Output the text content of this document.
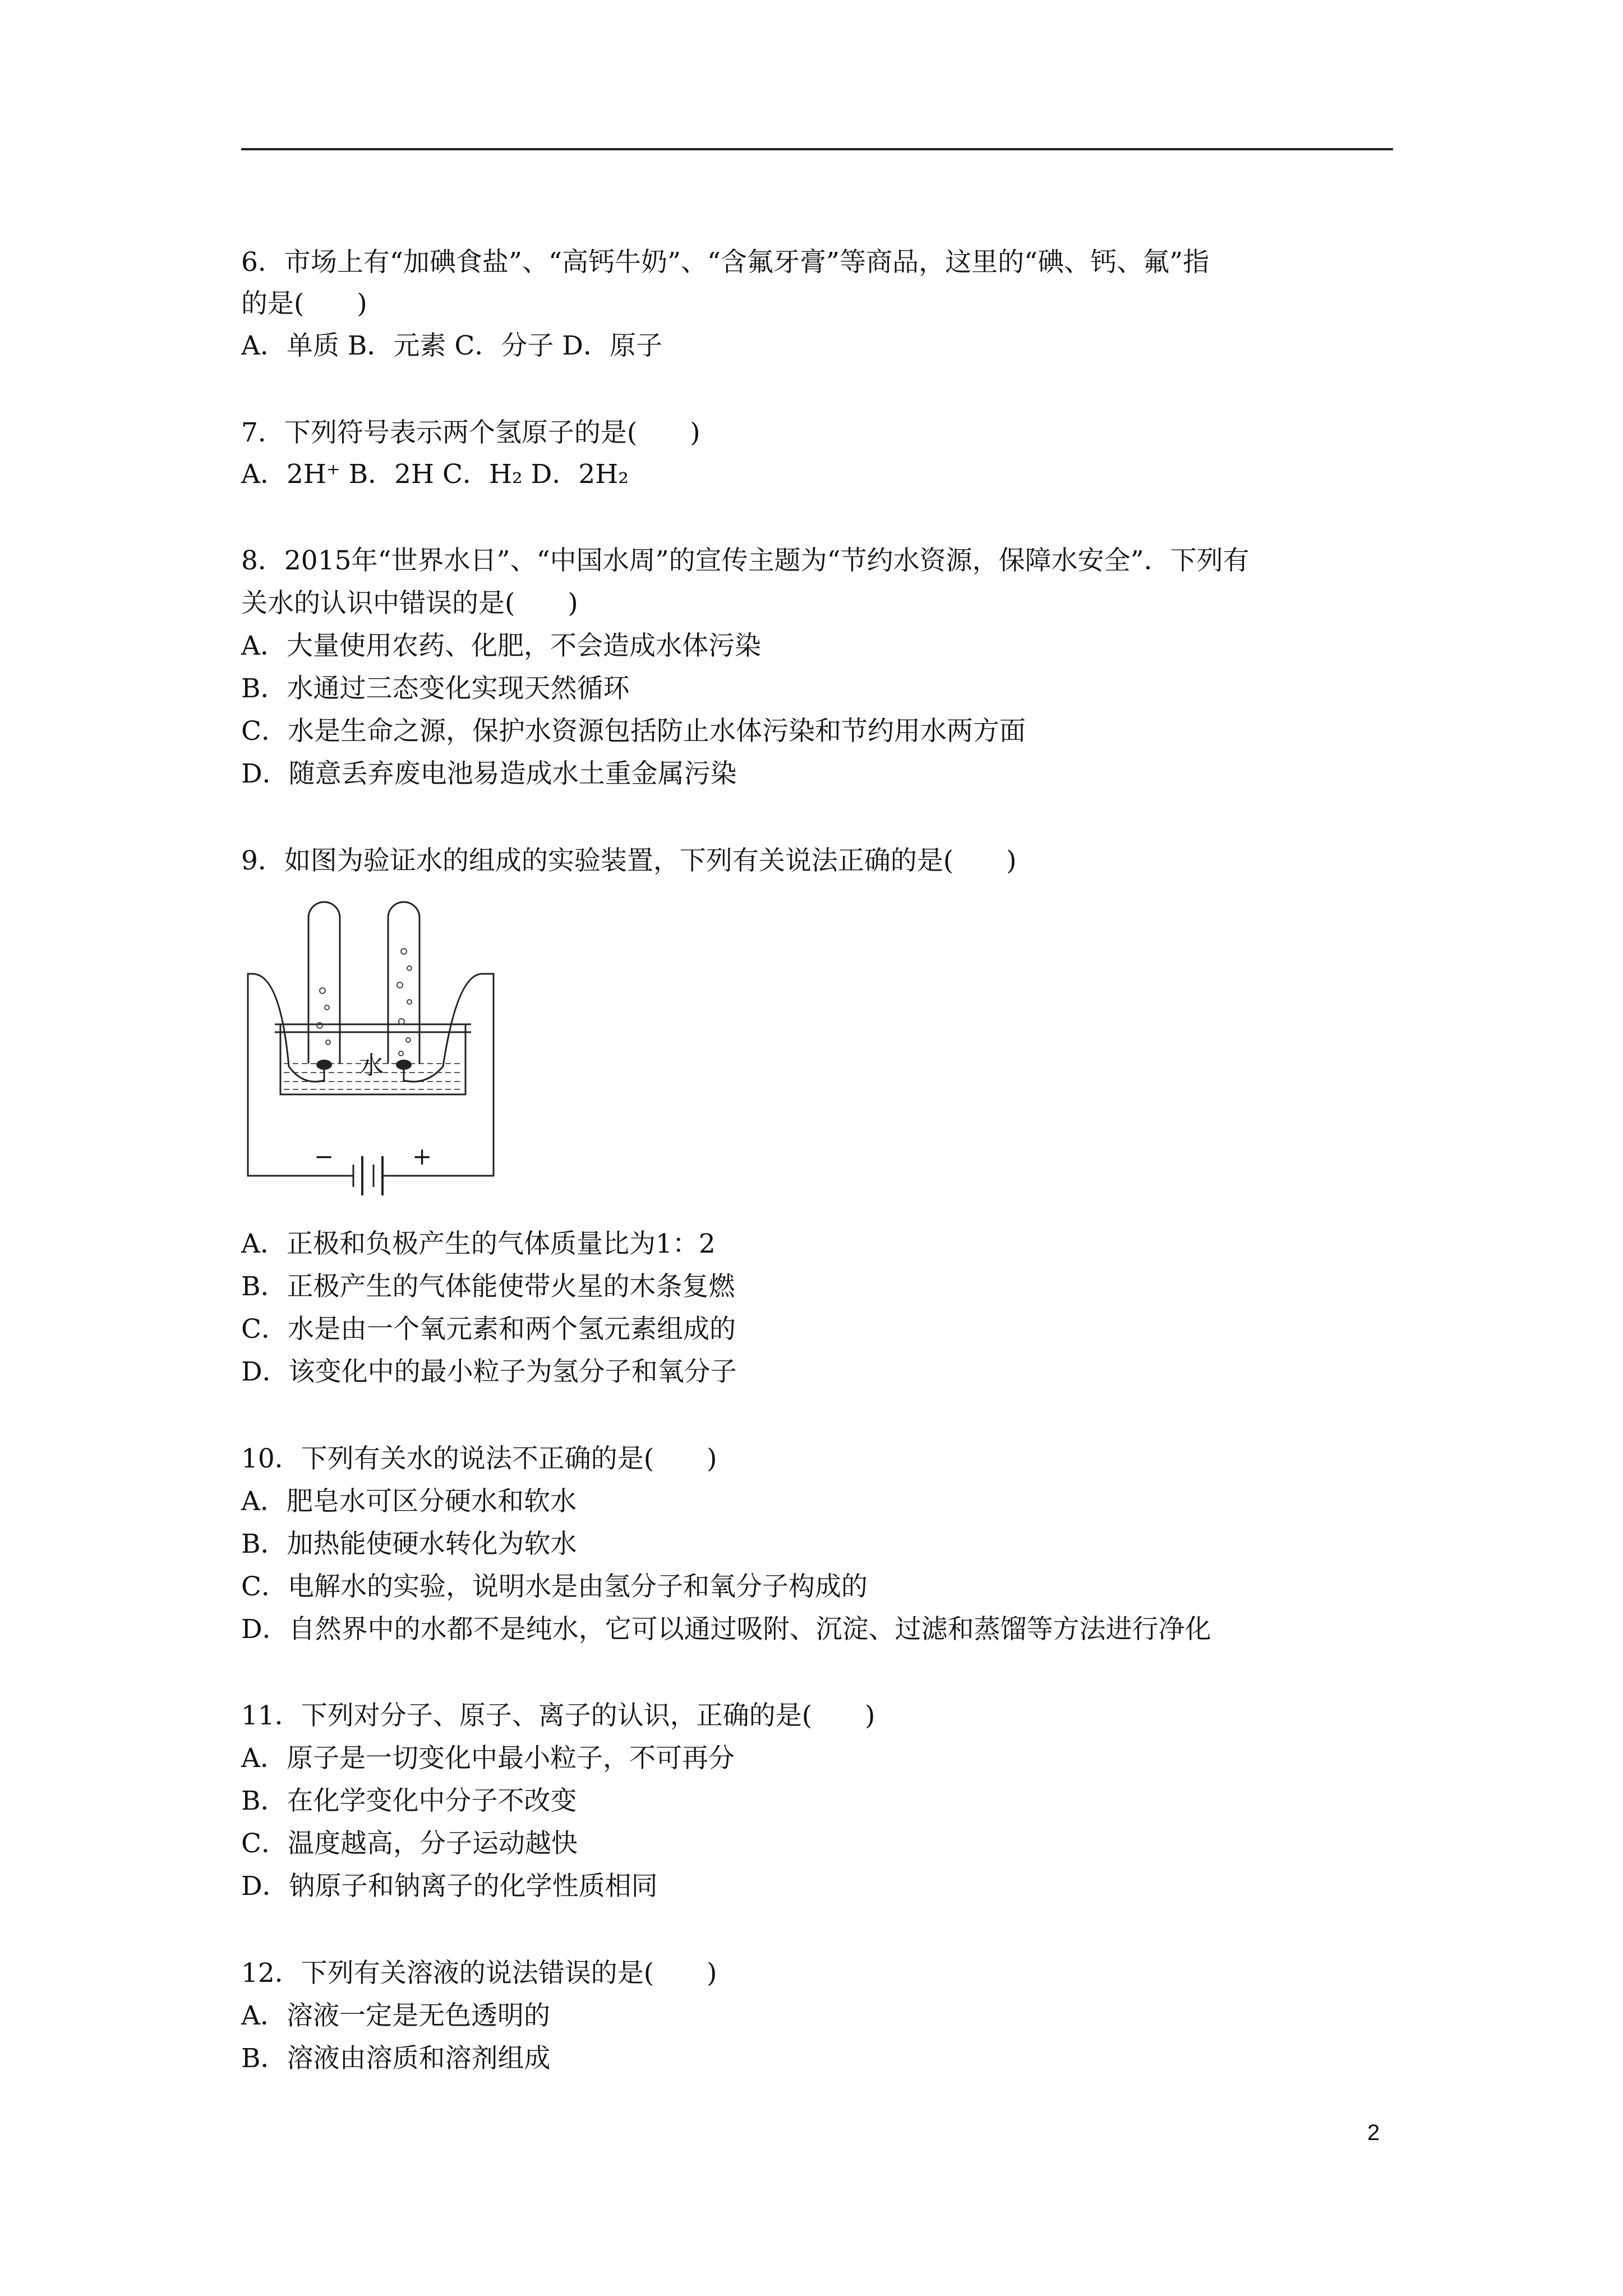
6．市场上有“加碘食盐”、“高钙牛奶”、“含氟牙膏”等商品，这里的“碘、钙、氟”指
的是(　　)
A．单质 B．元素 C．分子 D．原子
7．下列符号表示两个氢原子的是(　　)
A．2H⁺ B．2H C．H₂ D．2H₂
8．2015年“世界水日”、“中国水周”的宣传主题为“节约水资源，保障水安全”．下列有
关水的认识中错误的是(　　)
A．大量使用农药、化肥，不会造成水体污染
B．水通过三态变化实现天然循环
C．水是生命之源，保护水资源包括防止水体污染和节约用水两方面
D．随意丢弃废电池易造成水土重金属污染
9．如图为验证水的组成的实验装置，下列有关说法正确的是(　　)
水
−	+
A．正极和负极产生的气体质量比为1：2
B．正极产生的气体能使带火星的木条复燃
C．水是由一个氧元素和两个氢元素组成的
D．该变化中的最小粒子为氢分子和氧分子
10．下列有关水的说法不正确的是(　　)
A．肥皂水可区分硬水和软水
B．加热能使硬水转化为软水
C．电解水的实验，说明水是由氢分子和氧分子构成的
D．自然界中的水都不是纯水，它可以通过吸附、沉淀、过滤和蒸馏等方法进行净化
11．下列对分子、原子、离子的认识，正确的是(　　)
A．原子是一切变化中最小粒子，不可再分
B．在化学变化中分子不改变
C．温度越高，分子运动越快
D．钠原子和钠离子的化学性质相同
12．下列有关溶液的说法错误的是(　　)
A．溶液一定是无色透明的
B．溶液由溶质和溶剂组成
2
